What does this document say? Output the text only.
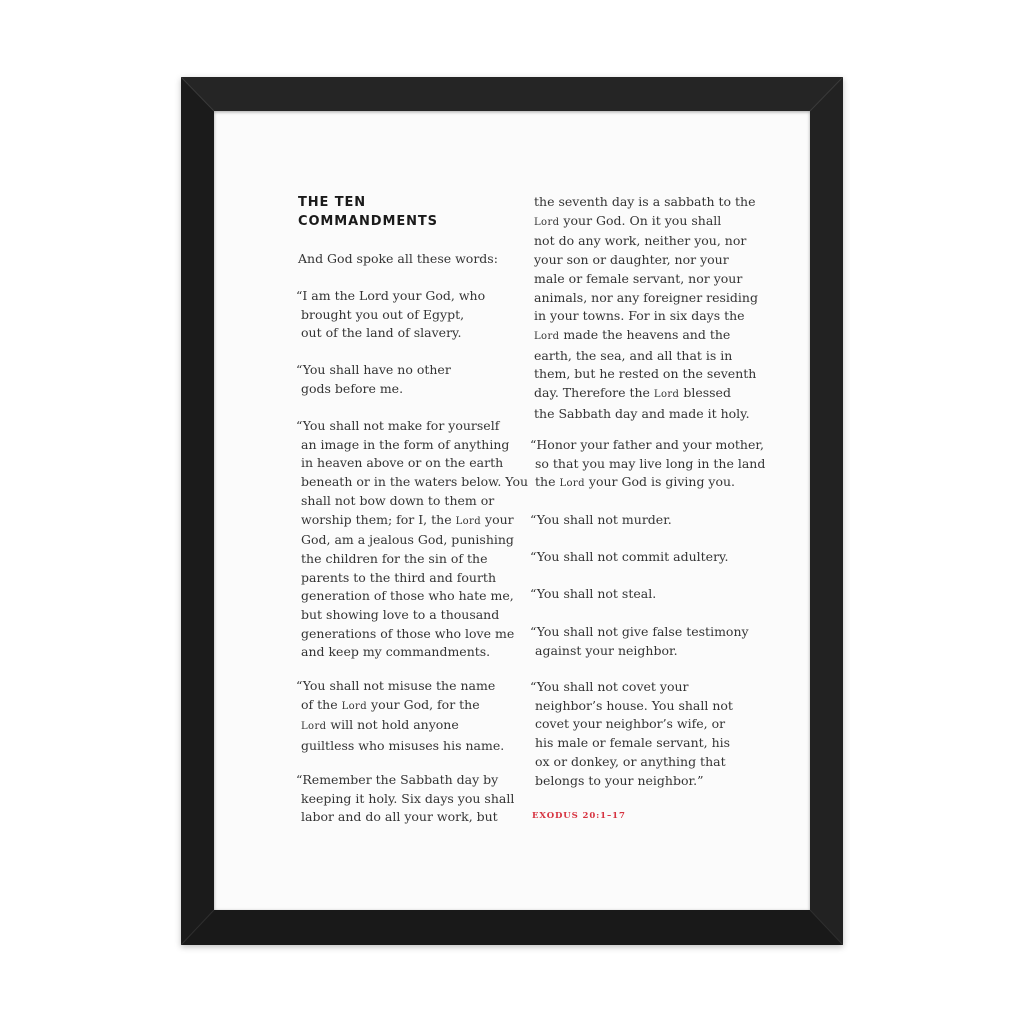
THE TEN
COMMANDMENTS

And God spoke all these words:

“I am the Lord your God, who
brought you out of Egypt,
out of the land of slavery.

“You shall have no other
gods before me.

“You shall not make for yourself
an image in the form of anything
in heaven above or on the earth
beneath or in the waters below. You
shall not bow down to them or
worship them; for I, the Lord your
God, am a jealous God, punishing
the children for the sin of the
parents to the third and fourth
generation of those who hate me,
but showing love to a thousand
generations of those who love me
and keep my commandments.

“You shall not misuse the name
of the Lord your God, for the
Lord will not hold anyone
guiltless who misuses his name.

“Remember the Sabbath day by
keeping it holy. Six days you shall
labor and do all your work, but

the seventh day is a sabbath to the
Lord your God. On it you shall
not do any work, neither you, nor
your son or daughter, nor your
male or female servant, nor your
animals, nor any foreigner residing
in your towns. For in six days the
Lord made the heavens and the
earth, the sea, and all that is in
them, but he rested on the seventh
day. Therefore the Lord blessed
the Sabbath day and made it holy.

“Honor your father and your mother,
so that you may live long in the land
the Lord your God is giving you.

“You shall not murder.

“You shall not commit adultery.

“You shall not steal.

“You shall not give false testimony
against your neighbor.

“You shall not covet your
neighbor’s house. You shall not
covet your neighbor’s wife, or
his male or female servant, his
ox or donkey, or anything that
belongs to your neighbor.”

EXODUS 20:1–17
